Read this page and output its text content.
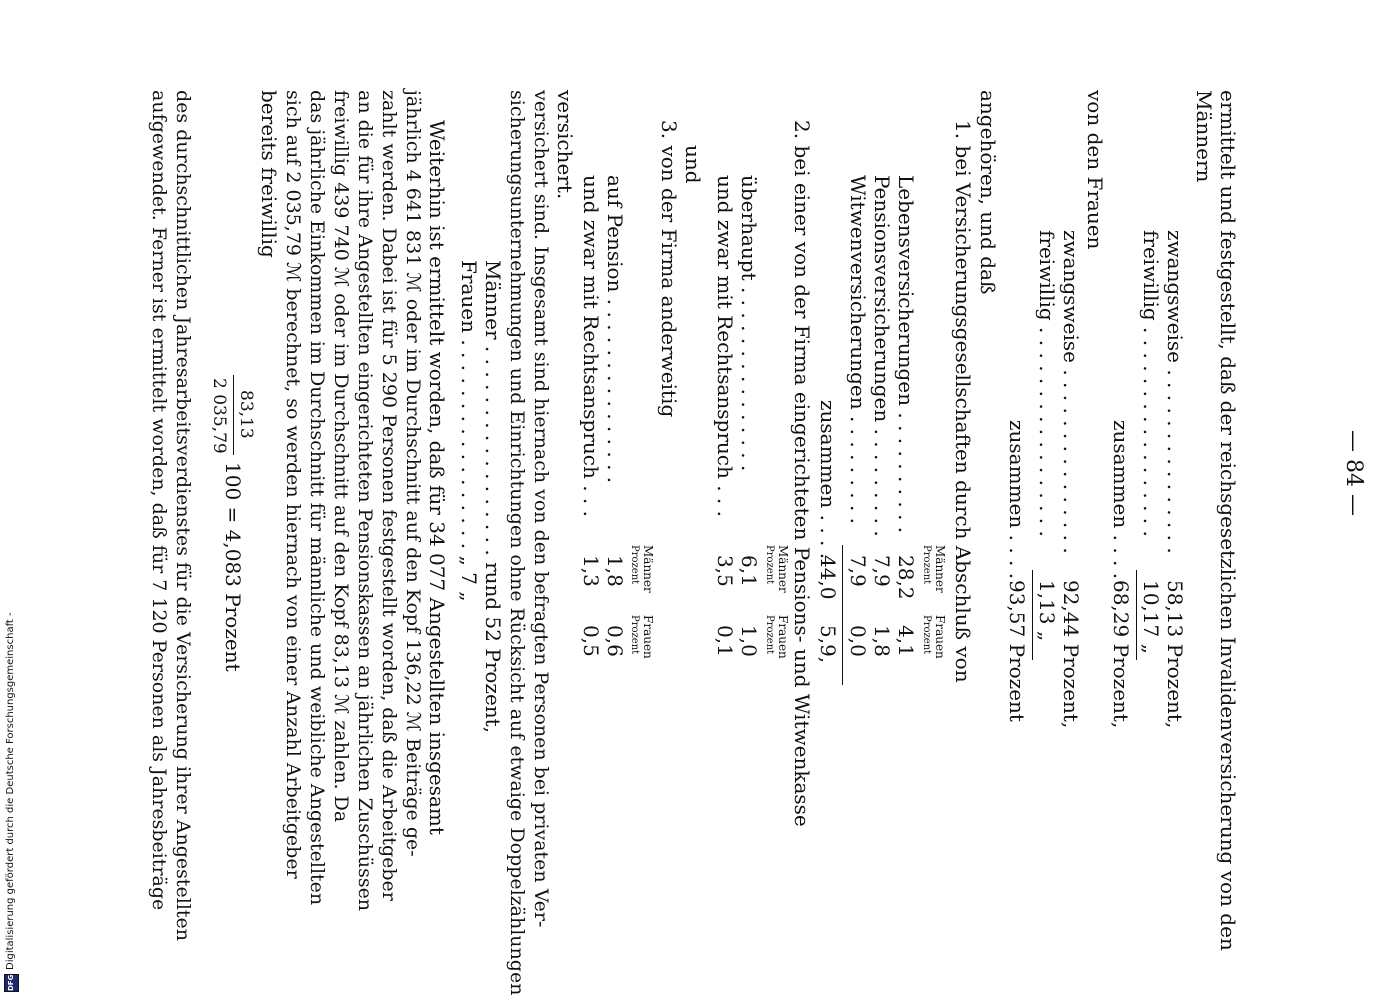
— 84 —
ermittelt und festgestellt, daß der reichsgesetzlichen Invalidenversicherung von den
Männern
zwangsweise . . . . . . . . . . . . . . .
58,13 Prozent,
freiwillig . . . . . . . . . . . . . . . . .
10,17 „
zusammen . . . .
68,29 Prozent,
von den Frauen
zwangsweise . . . . . . . . . . . . . . .
92,44 Prozent,
freiwillig . . . . . . . . . . . . . . . . .
1,13 „
zusammen . . . .
93,57 Prozent
angehören, und daß
1. bei Versicherungsgesellschaften durch Abschluß von
Männer
Frauen
Prozent
Prozent
Lebensversicherungen . . . . . . . . . .
28,2
4,1
Pensionsversicherungen . . . . . . . . .
7,9
1,8
Witwenversicherungen . . . . . . . . .
7,9
0,0
zusammen . . . .
44,0
5,9,
2. bei einer von der Firma eingerichteten Pensions- und Witwenkasse
Männer
Frauen
Prozent
Prozent
überhaupt . . . . . . . . . . . . . . .
6,1
1,0
und zwar mit Rechtsanspruch . . .
3,5
0,1
und
3. von der Firma anderweitig
Männer
Frauen
Prozent
Prozent
auf Pension . . . . . . . . . . . . . . .
1,8
0,6
und zwar mit Rechtsanspruch . . .
1,3
0,5
versichert.
versichert sind. Insgesamt sind hiernach von den befragten Personen bei privaten Ver-
sicherungsunternehmungen und Einrichtungen ohne Rücksicht auf etwaige Doppelzählungen
Männer . . . . . . . . . . . . . . . . . rund 52 Prozent,
Frauen . . . . . . . . . . . . . . . . . „ 7 „
Weiterhin ist ermittelt worden, daß für 34 077 Angestellten insgesamt
jährlich 4 641 831 ℳ oder im Durchschnitt auf den Kopf 136,22 ℳ Beiträge ge-
zahlt werden. Dabei ist für 5 290 Personen festgestellt worden, daß die Arbeitgeber
an die für ihre Angestellten eingerichteten Pensionskassen an jährlichen Zuschüssen
freiwillig 439 740 ℳ oder im Durchschnitt auf den Kopf 83,13 ℳ zahlen. Da
das jährliche Einkommen im Durchschnitt für männliche und weibliche Angestellten
sich auf 2 035,79 ℳ berechnet, so werden hiernach von einer Anzahl Arbeitgeber
bereits freiwillig
83,13
2 035,79
100 = 4,083 Prozent
des durchschnittlichen Jahresarbeitsverdienstes für die Versicherung ihrer Angestellten
aufgewendet. Ferner ist ermittelt worden, daß für 7 120 Personen als Jahresbeiträge
DFG
Digitalisierung gefördert durch die Deutsche Forschungsgemeinschaft -
